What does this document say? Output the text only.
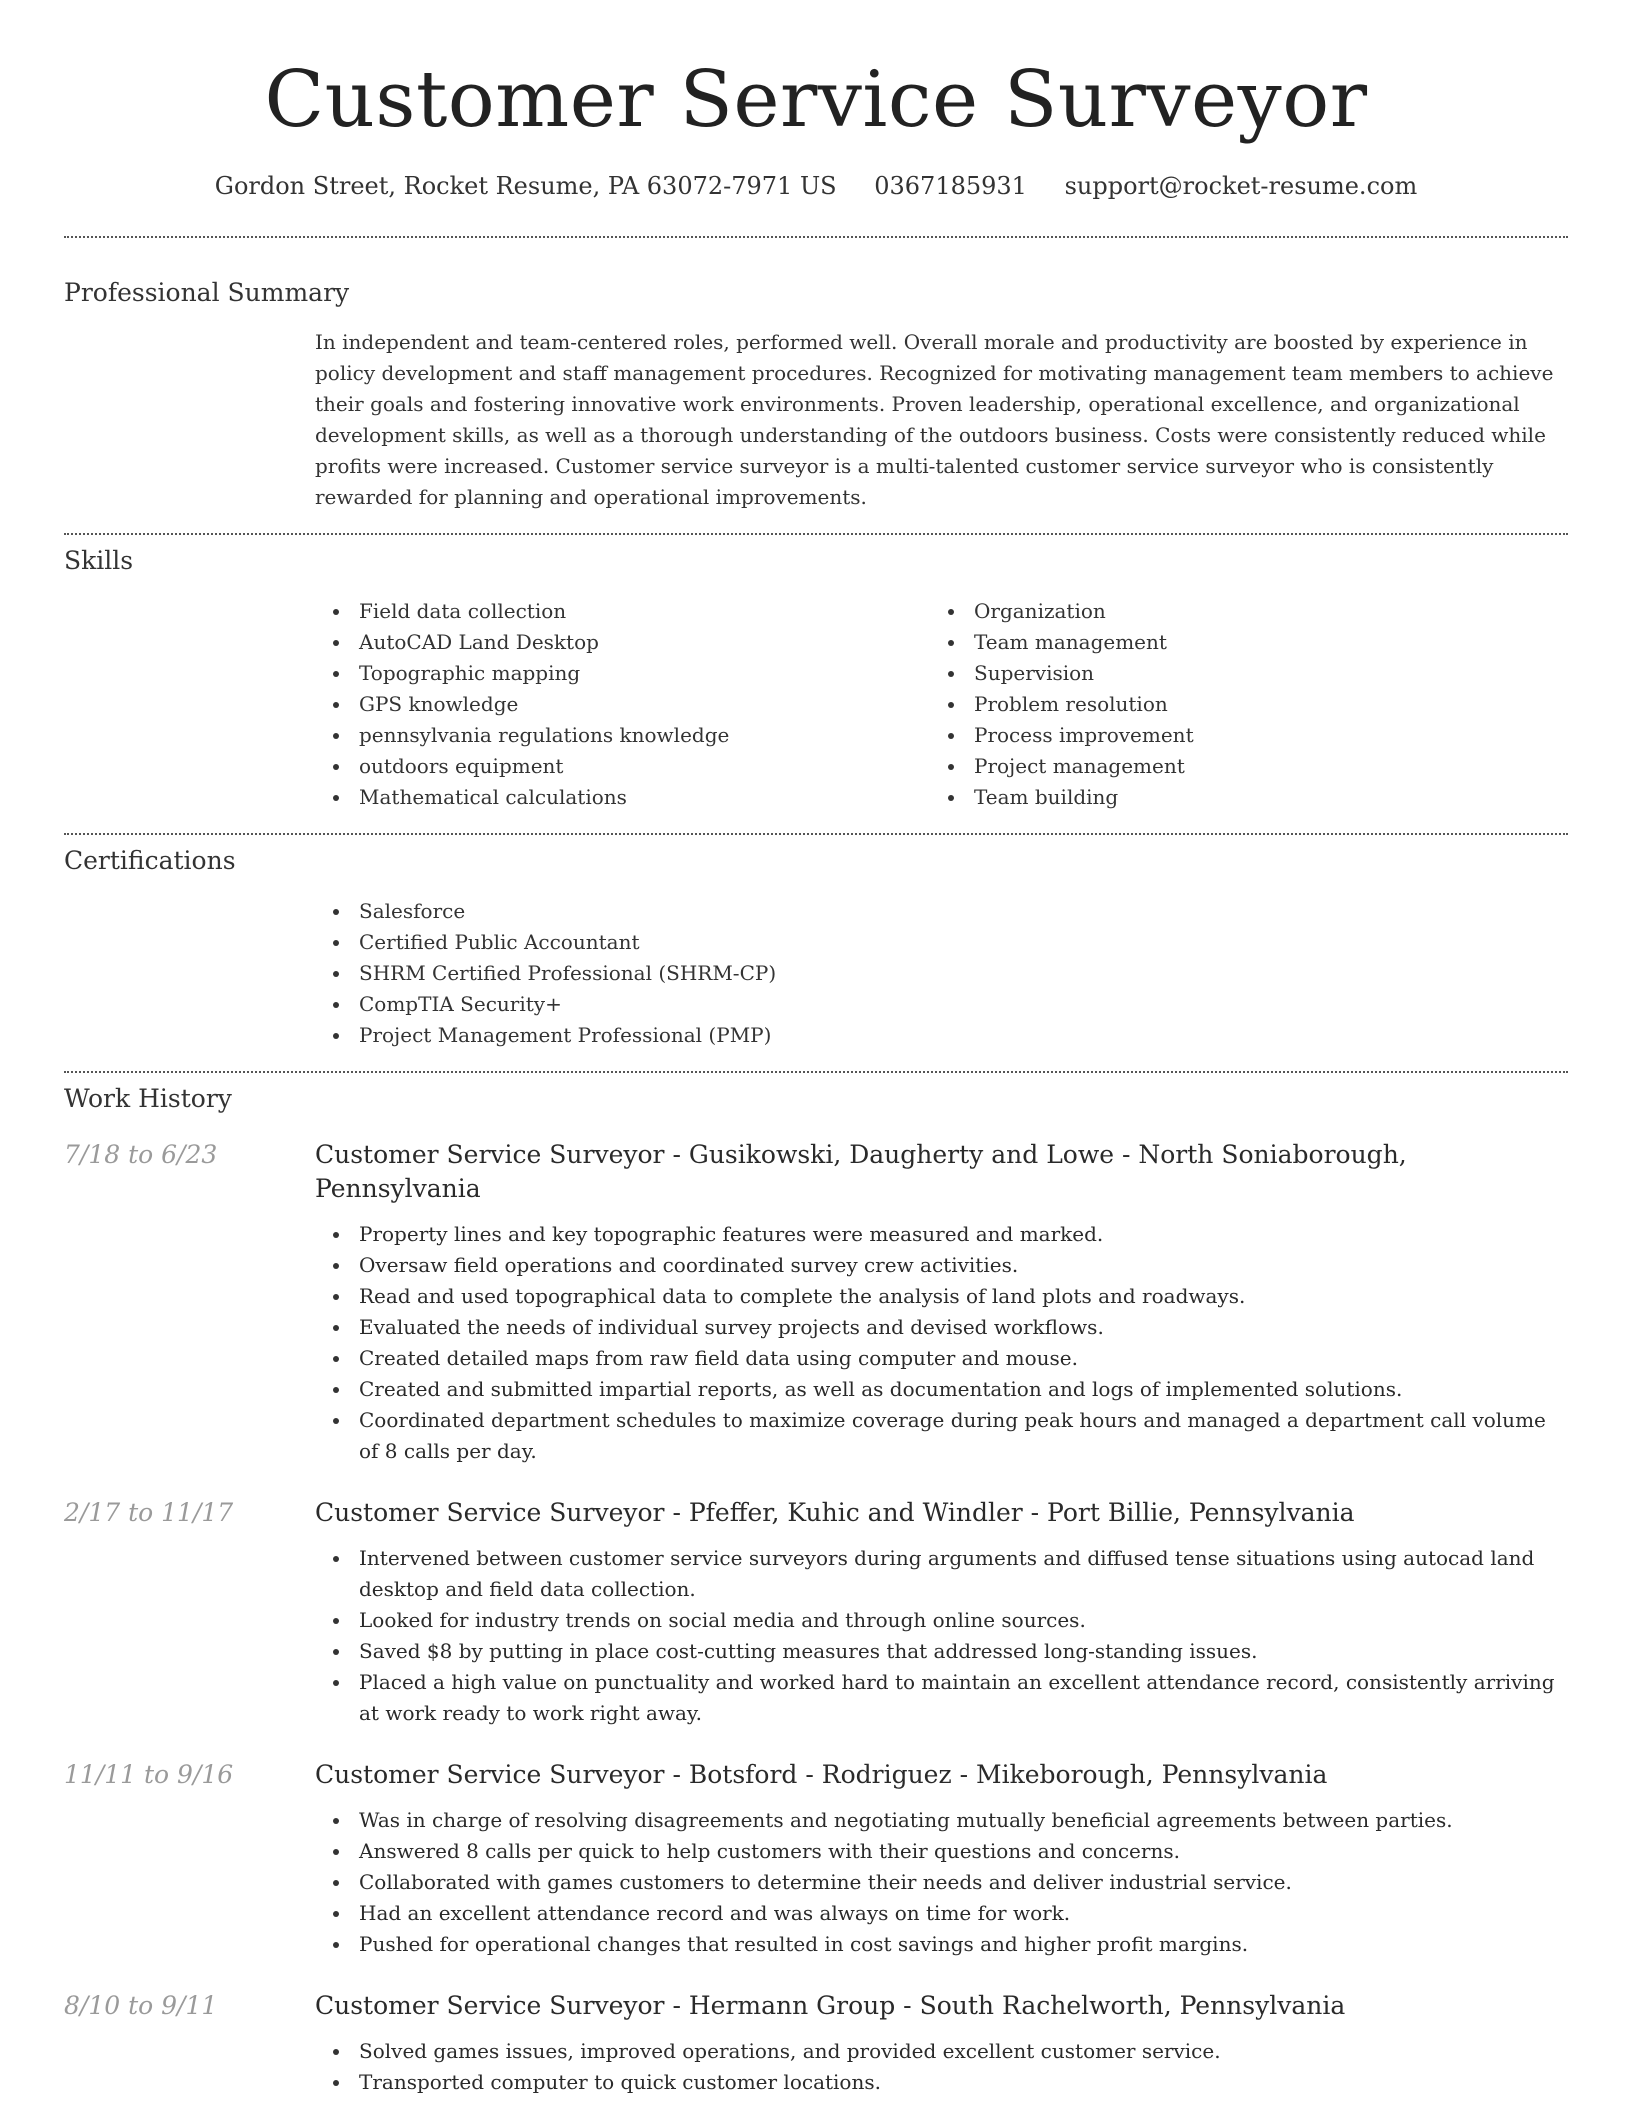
Customer Service Surveyor
Gordon Street, Rocket Resume, PA 63072-7971 US 0367185931 support@rocket-resume.com
Professional Summary

In independent and team-centered roles, performed well. Overall morale and productivity are boosted by experience in policy development and staff management procedures. Recognized for motivating management team members to achieve their goals and fostering innovative work environments. Proven leadership, operational excellence, and organizational development skills, as well as a thorough understanding of the outdoors business. Costs were consistently reduced while profits were increased. Customer service surveyor is a multi-talented customer service surveyor who is consistently rewarded for planning and operational improvements.

Skills
Field data collection
AutoCAD Land Desktop
Topographic mapping
GPS knowledge
pennsylvania regulations knowledge
outdoors equipment
Mathematical calculations
Organization
Team management
Supervision
Problem resolution
Process improvement
Project management
Team building
Certifications
Salesforce
Certified Public Accountant
SHRM Certified Professional (SHRM-CP)
CompTIA Security+
Project Management Professional (PMP)
Work History
7/18 to 6/23	Customer Service Surveyor - Gusikowski, Daugherty and Lowe - North Soniaborough, Pennsylvania
Property lines and key topographic features were measured and marked.
Oversaw field operations and coordinated survey crew activities.
Read and used topographical data to complete the analysis of land plots and roadways.
Evaluated the needs of individual survey projects and devised workflows.
Created detailed maps from raw field data using computer and mouse.
Created and submitted impartial reports, as well as documentation and logs of implemented solutions.
Coordinated department schedules to maximize coverage during peak hours and managed a department call volume of 8 calls per day.
2/17 to 11/17	Customer Service Surveyor - Pfeffer, Kuhic and Windler - Port Billie, Pennsylvania
Intervened between customer service surveyors during arguments and diffused tense situations using autocad land desktop and field data collection.
Looked for industry trends on social media and through online sources.
Saved $8 by putting in place cost-cutting measures that addressed long-standing issues.
Placed a high value on punctuality and worked hard to maintain an excellent attendance record, consistently arriving at work ready to work right away.
11/11 to 9/16	Customer Service Surveyor - Botsford - Rodriguez - Mikeborough, Pennsylvania
Was in charge of resolving disagreements and negotiating mutually beneficial agreements between parties.
Answered 8 calls per quick to help customers with their questions and concerns.
Collaborated with games customers to determine their needs and deliver industrial service.
Had an excellent attendance record and was always on time for work.
Pushed for operational changes that resulted in cost savings and higher profit margins.
8/10 to 9/11	Customer Service Surveyor - Hermann Group - South Rachelworth, Pennsylvania
Solved games issues, improved operations, and provided excellent customer service.
Transported computer to quick customer locations.
